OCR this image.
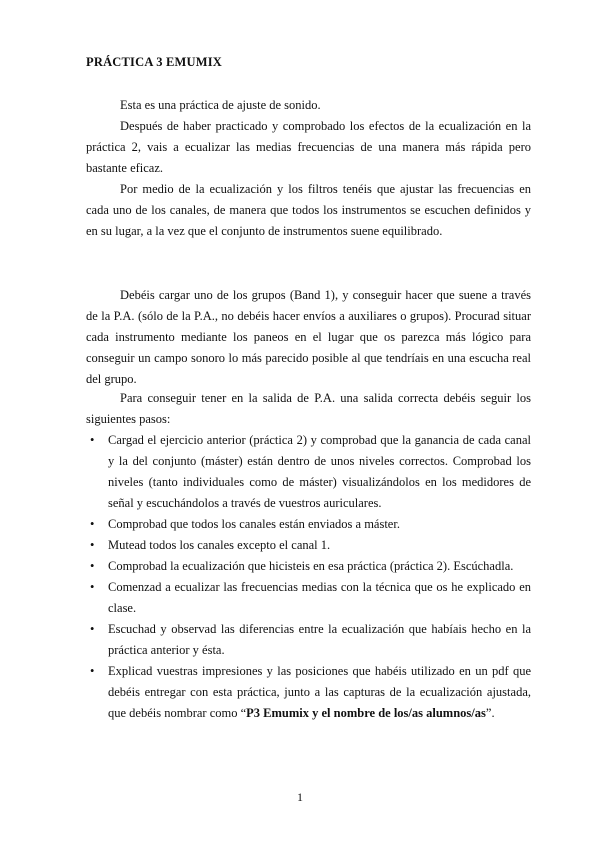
PRÁCTICA 3 EMUMIX

Esta es una práctica de ajuste de sonido.

Después de haber practicado y comprobado los efectos de la ecualización en la práctica 2, vais a ecualizar las medias frecuencias de una manera más rápida pero bastante eficaz.

Por medio de la ecualización y los filtros tenéis que ajustar las frecuencias en cada uno de los canales, de manera que todos los instrumentos se escuchen definidos y en su lugar, a la vez que el conjunto de instrumentos suene equilibrado.

Debéis cargar uno de los grupos (Band 1), y conseguir hacer que suene a través de la P.A. (sólo de la P.A., no debéis hacer envíos a auxiliares o grupos). Procurad situar cada instrumento mediante los paneos en el lugar que os parezca más lógico para conseguir un campo sonoro lo más parecido posible al que tendríais en una escucha real del grupo.

Para conseguir tener en la salida de P.A. una salida correcta debéis seguir los siguientes pasos:

• Cargad el ejercicio anterior (práctica 2) y comprobad que la ganancia de cada canal y la del conjunto (máster) están dentro de unos niveles correctos. Comprobad los niveles (tanto individuales como de máster) visualizándolos en los medidores de señal y escuchándolos a través de vuestros auriculares.
• Comprobad que todos los canales están enviados a máster.
• Mutead todos los canales excepto el canal 1.
• Comprobad la ecualización que hicisteis en esa práctica (práctica 2). Escúchadla.
• Comenzad a ecualizar las frecuencias medias con la técnica que os he explicado en clase.
• Escuchad y observad las diferencias entre la ecualización que habíais hecho en la práctica anterior y ésta.
• Explicad vuestras impresiones y las posiciones que habéis utilizado en un pdf que debéis entregar con esta práctica, junto a las capturas de la ecualización ajustada, que debéis nombrar como “P3 Emumix y el nombre de los/as alumnos/as”.
1
